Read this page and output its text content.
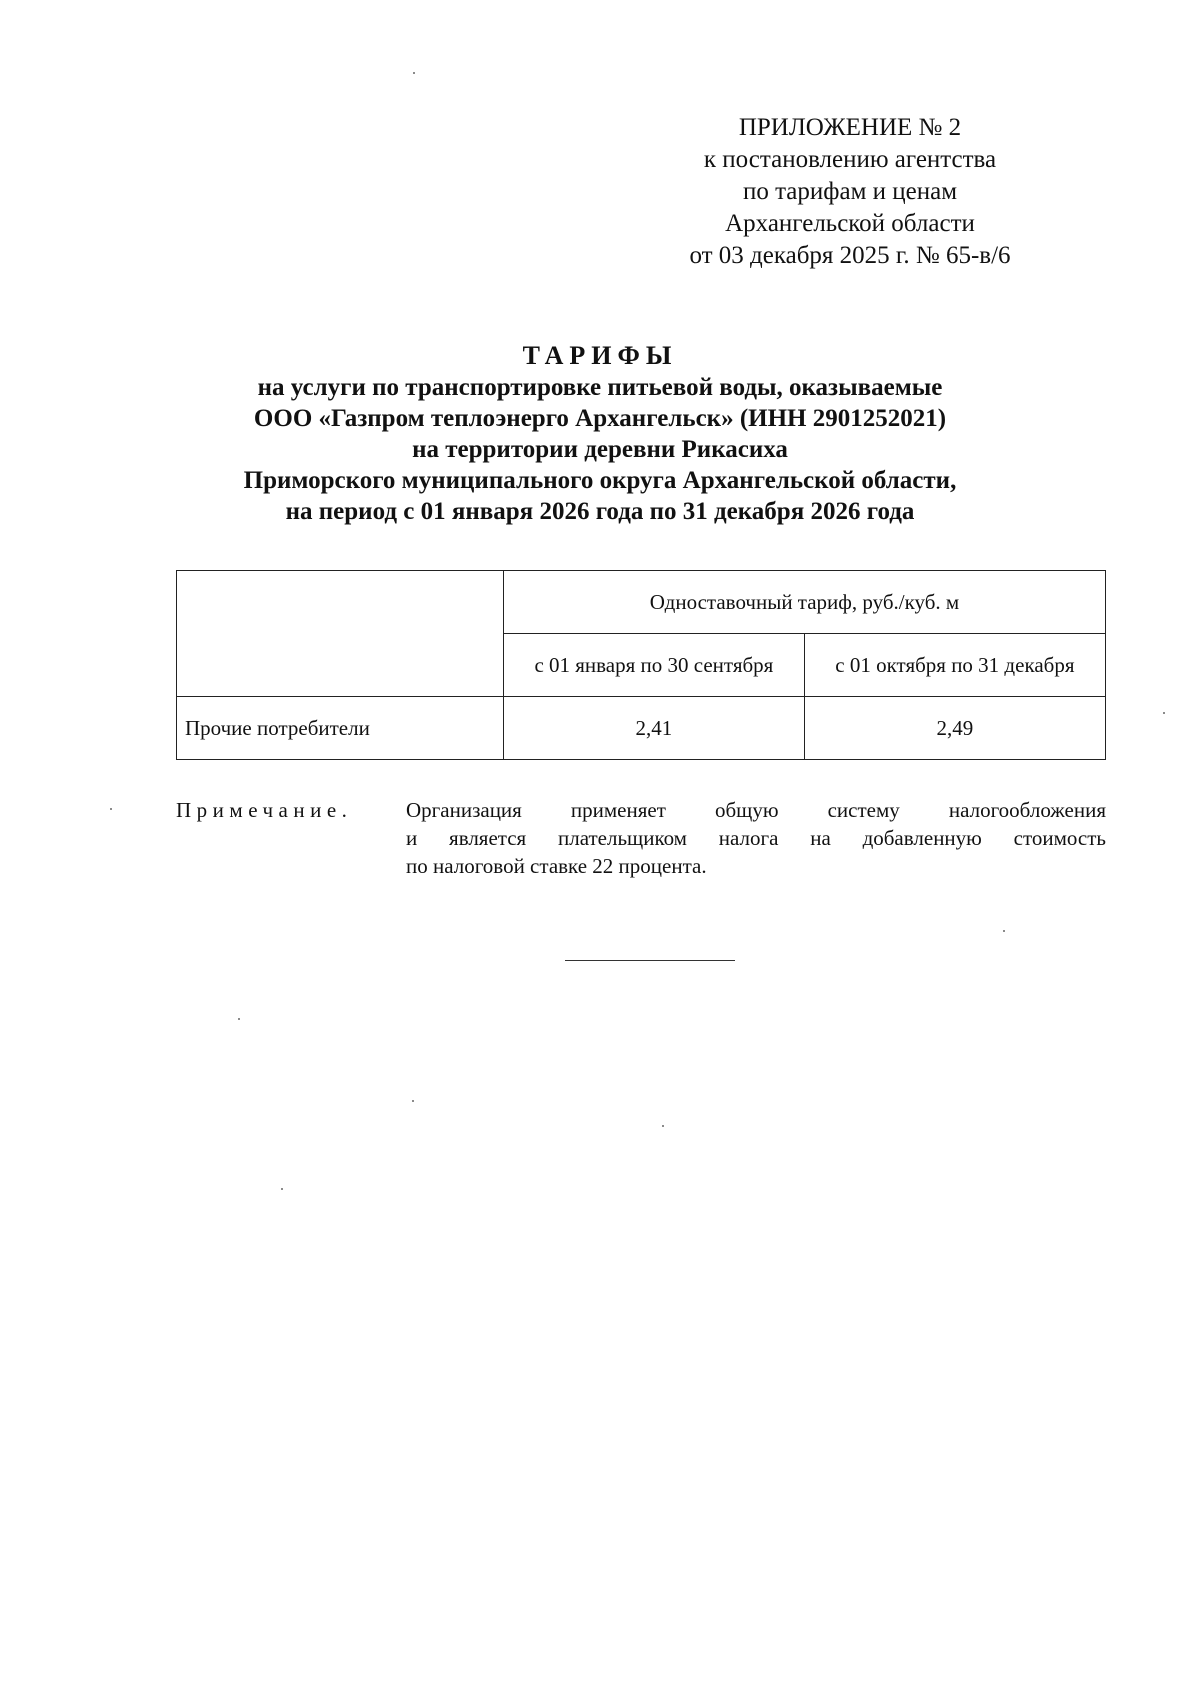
ПРИЛОЖЕНИЕ № 2
к постановлению агентства
по тарифам и ценам
Архангельской области
от 03 декабря 2025 г. № 65-в/6
ТАРИФЫ
на услуги по транспортировке питьевой воды, оказываемые
ООО «Газпром теплоэнерго Архангельск» (ИНН 2901252021)
на территории деревни Рикасиха
Приморского муниципального округа Архангельской области,
на период с 01 января 2026 года по 31 декабря 2026 года
	Одноставочный тариф, руб./куб. м	
	с 01 января по 30 сентября	с 01 октября по 31 декабря
Прочие потребители	2,41	2,49
Примечание.	Организация применяет общую систему налогообложения
и является плательщиком налога на добавленную стоимость
по налоговой ставке 22 процента.
